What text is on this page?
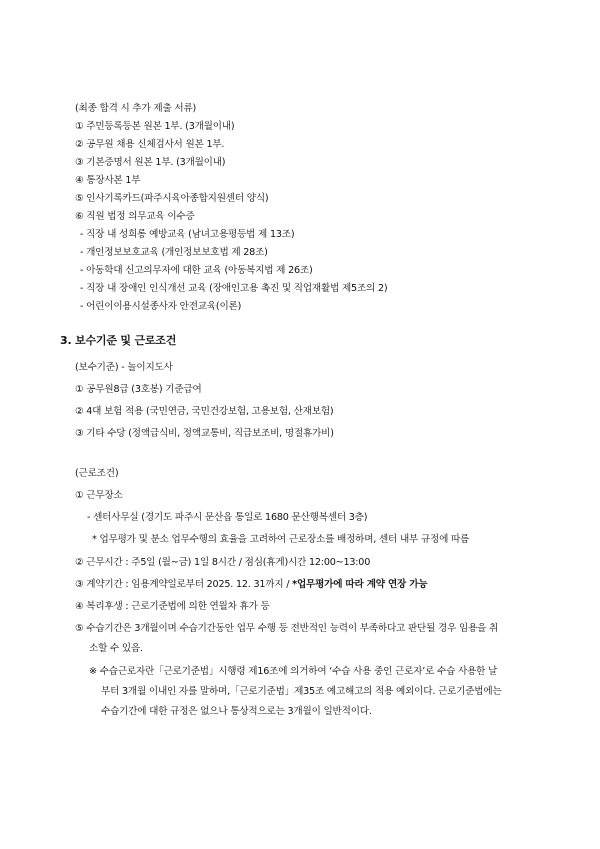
(최종 합격 시 추가 제출 서류)
① 주민등록등본 원본 1부. (3개월이내)
② 공무원 채용 신체검사서 원본 1부.
③ 기본증명서 원본 1부. (3개월이내)
④ 통장사본 1부
⑤ 인사기록카드(파주시육아종합지원센터 양식)
⑥ 직원 법정 의무교육 이수증
- 직장 내 성희롱 예방교육 (남녀고용평등법 제 13조)
- 개인정보보호교육 (개인정보보호법 제 28조)
- 아동학대 신고의무자에 대한 교육 (아동복지법 제 26조)
- 직장 내 장애인 인식개선 교육 (장애인고용 촉진 및 직업재활법 제5조의 2)
- 어린이이용시설종사자 안전교육(이론)
3. 보수기준 및 근로조건
(보수기준) - 놀이지도사
① 공무원8급 (3호봉) 기준급여
② 4대 보험 적용 (국민연금, 국민건강보험, 고용보험, 산재보험)
③ 기타 수당 (정액급식비, 정액교통비, 직급보조비, 명절휴가비)
(근로조건)
① 근무장소
- 센터사무실 (경기도 파주시 문산읍 통일로 1680 문산행복센터 3층)
* 업무평가 및 분소 업무수행의 효율을 고려하여 근로장소를 배정하며, 센터 내부 규정에 따름
② 근무시간 : 주5일 (월~금) 1일 8시간 / 점심(휴게)시간 12:00~13:00
③ 계약기간 : 임용계약일로부터 2025. 12. 31까지 / *업무평가에 따라 계약 연장 가능
④ 복리후생 : 근로기준법에 의한 연월차 휴가 등
⑤ 수습기간은 3개월이며 수습기간동안 업무 수행 등 전반적인 능력이 부족하다고 판단될 경우 임용을 취
소할 수 있음.
※ 수습근로자란「근로기준법」시행령 제16조에 의거하여 ‘수습 사용 중인 근로자’로 수습 사용한 날
부터 3개월 이내인 자를 말하며,「근로기준법」제35조 예고해고의 적용 예외이다. 근로기준법에는
수습기간에 대한 규정은 없으나 통상적으로는 3개월이 일반적이다.
